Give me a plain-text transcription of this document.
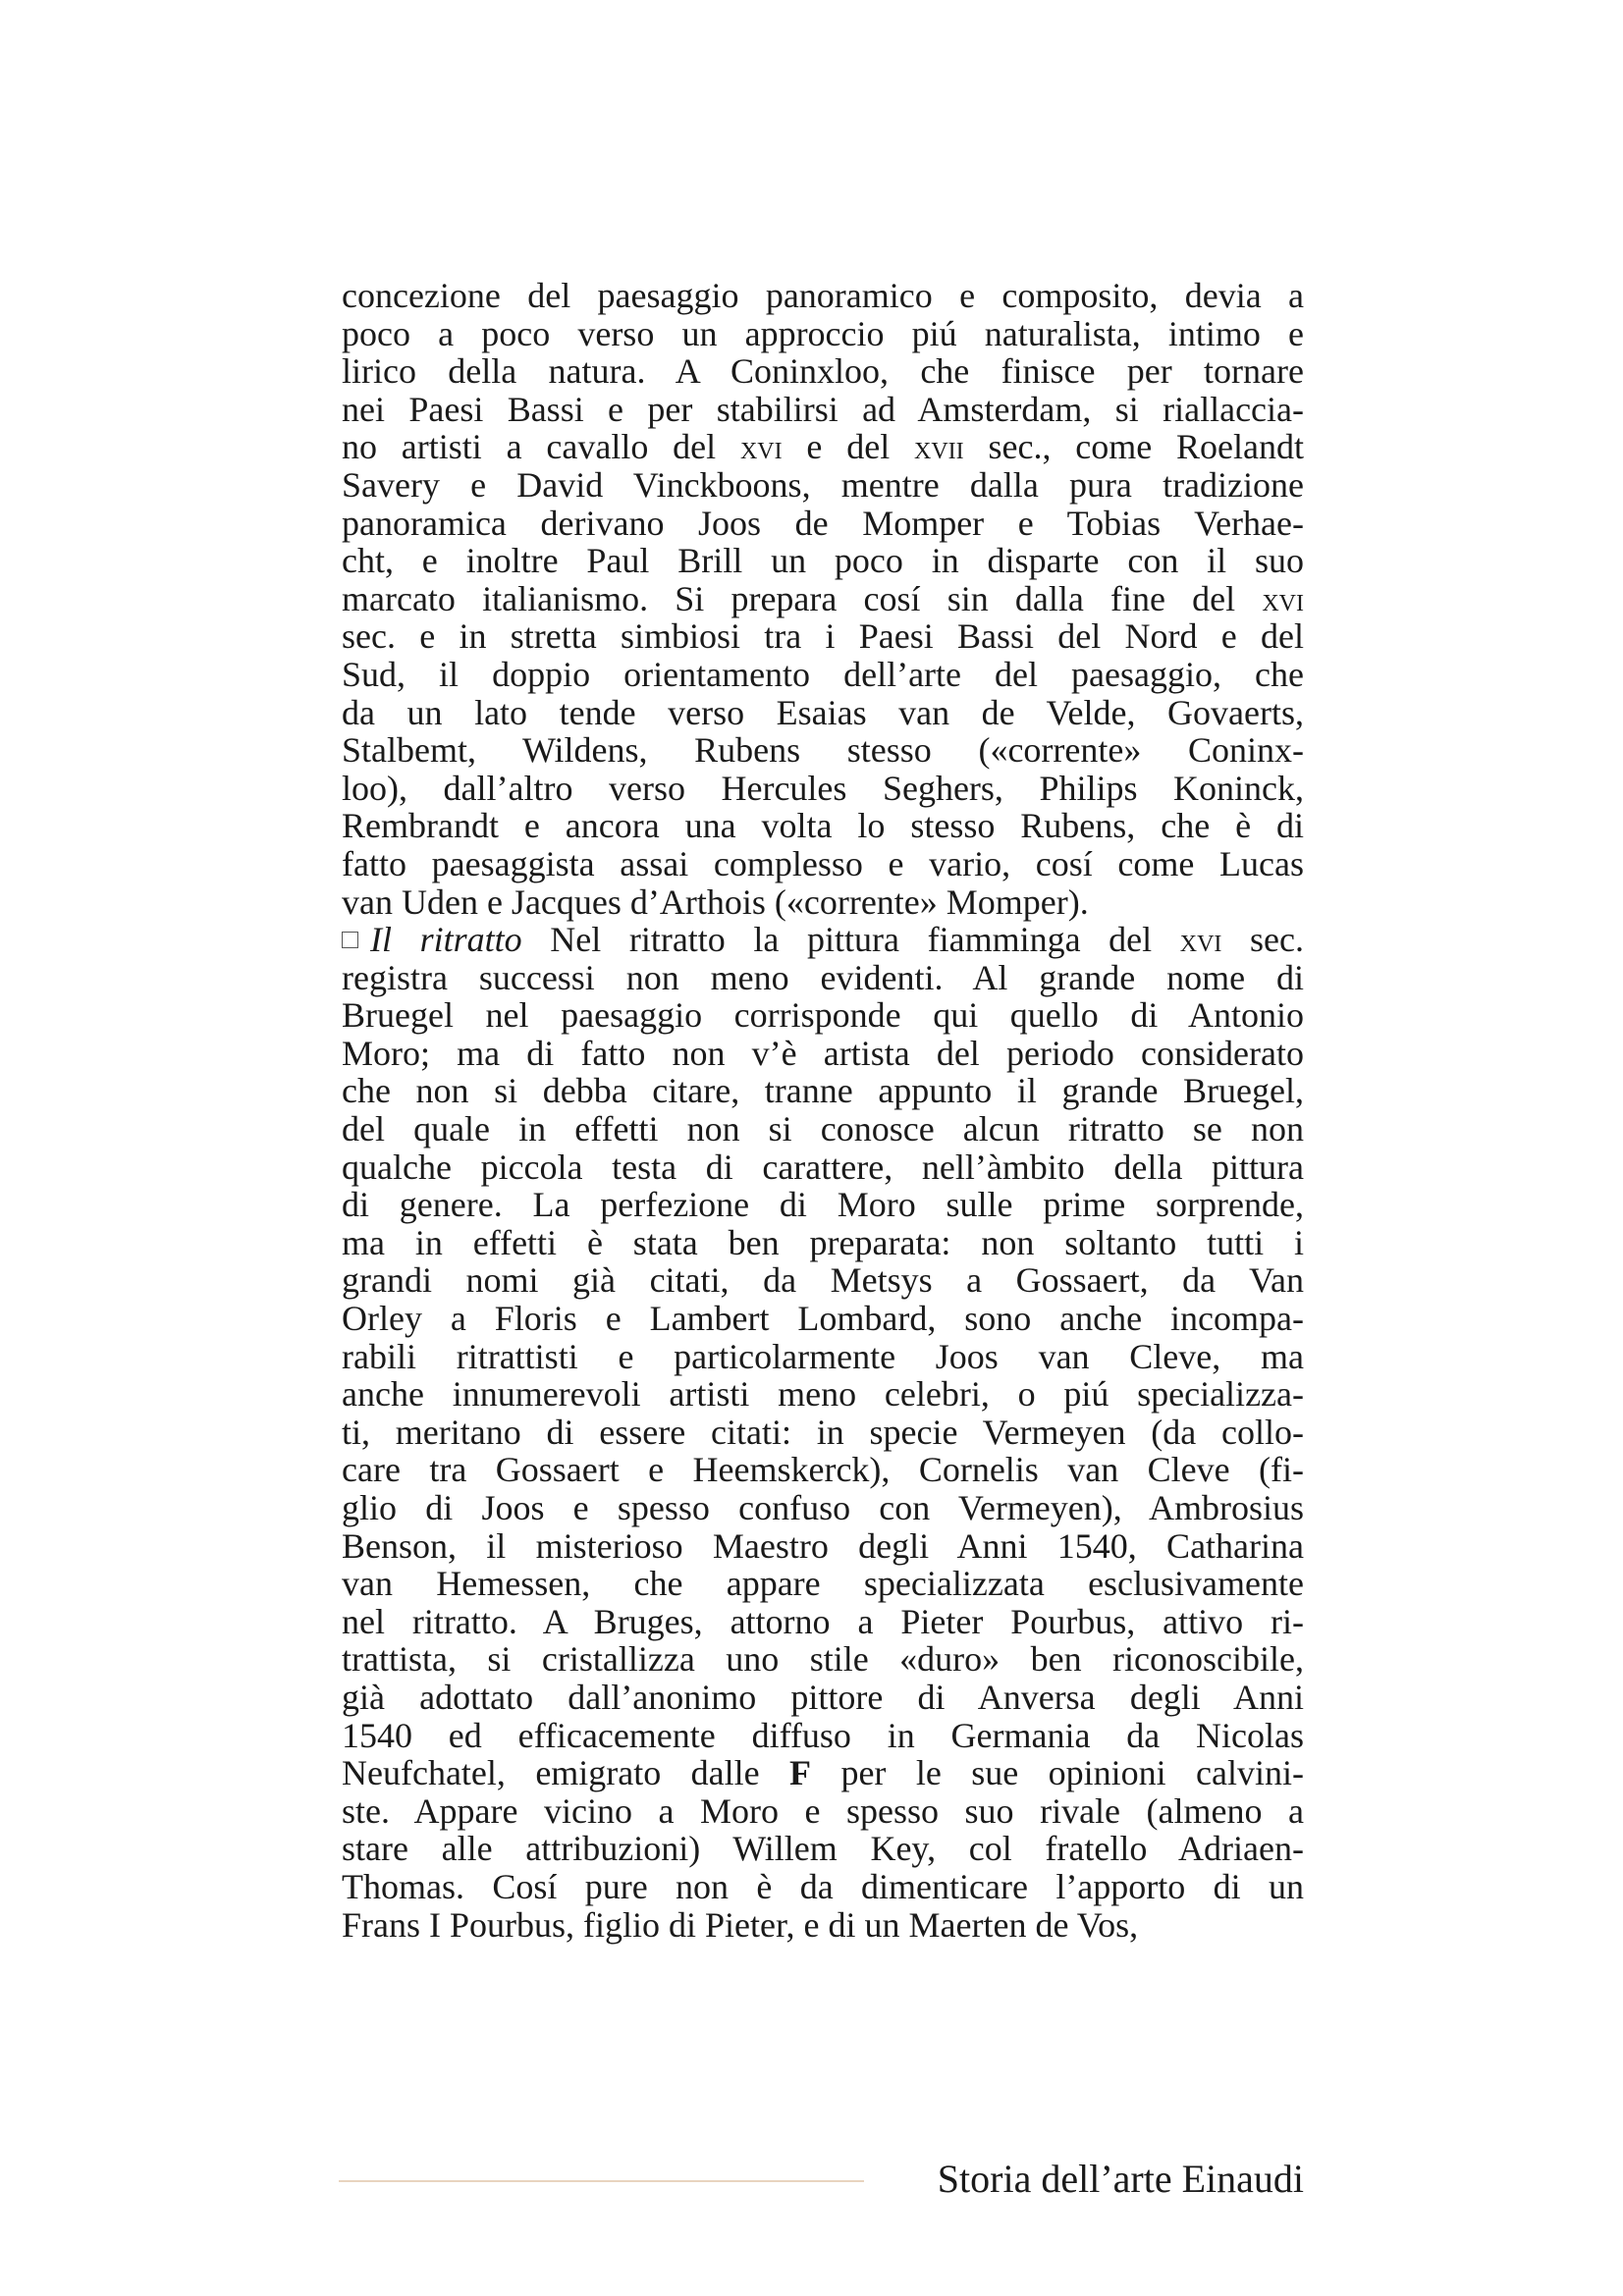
concezione del paesaggio panoramico e composito, devia a
poco a poco verso un approccio piú naturalista, intimo e
lirico della natura. A Coninxloo, che finisce per tornare
nei Paesi Bassi e per stabilirsi ad Amsterdam, si riallaccia-
no artisti a cavallo del xvi e del xvii sec., come Roelandt
Savery e David Vinckboons, mentre dalla pura tradizione
panoramica derivano Joos de Momper e Tobias Verhae-
cht, e inoltre Paul Brill un poco in disparte con il suo
marcato italianismo. Si prepara cosí sin dalla fine del xvi
sec. e in stretta simbiosi tra i Paesi Bassi del Nord e del
Sud, il doppio orientamento dell’arte del paesaggio, che
da un lato tende verso Esaias van de Velde, Govaerts,
Stalbemt, Wildens, Rubens stesso («corrente» Coninx-
loo), dall’altro verso Hercules Seghers, Philips Koninck,
Rembrandt e ancora una volta lo stesso Rubens, che è di
fatto paesaggista assai complesso e vario, cosí come Lucas
van Uden e Jacques d’Arthois («corrente» Momper).
Il ritratto Nel ritratto la pittura fiamminga del xvi sec.
registra successi non meno evidenti. Al grande nome di
Bruegel nel paesaggio corrisponde qui quello di Antonio
Moro; ma di fatto non v’è artista del periodo considerato
che non si debba citare, tranne appunto il grande Bruegel,
del quale in effetti non si conosce alcun ritratto se non
qualche piccola testa di carattere, nell’àmbito della pittura
di genere. La perfezione di Moro sulle prime sorprende,
ma in effetti è stata ben preparata: non soltanto tutti i
grandi nomi già citati, da Metsys a Gossaert, da Van
Orley a Floris e Lambert Lombard, sono anche incompa-
rabili ritrattisti e particolarmente Joos van Cleve, ma
anche innumerevoli artisti meno celebri, o piú specializza-
ti, meritano di essere citati: in specie Vermeyen (da collo-
care tra Gossaert e Heemskerck), Cornelis van Cleve (fi-
glio di Joos e spesso confuso con Vermeyen), Ambrosius
Benson, il misterioso Maestro degli Anni 1540, Catharina
van Hemessen, che appare specializzata esclusivamente
nel ritratto. A Bruges, attorno a Pieter Pourbus, attivo ri-
trattista, si cristallizza uno stile «duro» ben riconoscibile,
già adottato dall’anonimo pittore di Anversa degli Anni
1540 ed efficacemente diffuso in Germania da Nicolas
Neufchatel, emigrato dalle F per le sue opinioni calvini-
ste. Appare vicino a Moro e spesso suo rivale (almeno a
stare alle attribuzioni) Willem Key, col fratello Adriaen-
Thomas. Cosí pure non è da dimenticare l’apporto di un
Frans I Pourbus, figlio di Pieter, e di un Maerten de Vos,
Storia dell’arte Einaudi
